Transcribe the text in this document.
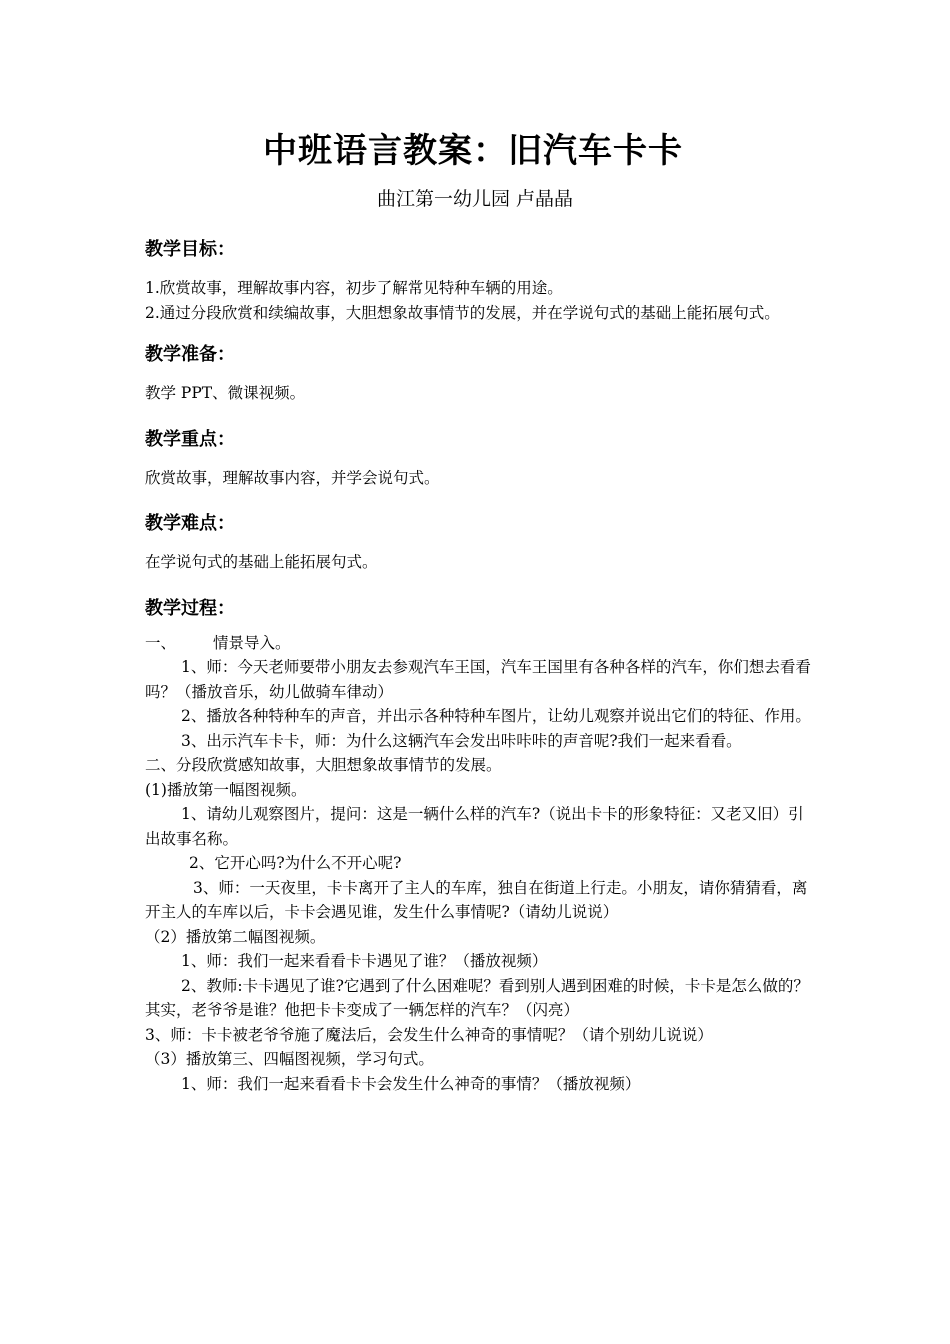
中班语言教案：旧汽车卡卡
曲江第一幼儿园 卢晶晶
教学目标：

1.欣赏故事，理解故事内容，初步了解常见特种车辆的用途。

2.通过分段欣赏和续编故事，大胆想象故事情节的发展，并在学说句式的基础上能拓展句式。

教学准备：

教学 PPT、微课视频。

教学重点：

欣赏故事，理解故事内容，并学会说句式。

教学难点：

在学说句式的基础上能拓展句式。

教学过程：

一、 情景导入。

1、师：今天老师要带小朋友去参观汽车王国，汽车王国里有各种各样的汽车，你们想去看看吗？（播放音乐，幼儿做骑车律动）

2、播放各种特种车的声音，并出示各种特种车图片，让幼儿观察并说出它们的特征、作用。

3、出示汽车卡卡，师：为什么这辆汽车会发出咔咔咔的声音呢?我们一起来看看。

二、分段欣赏感知故事，大胆想象故事情节的发展。

(1)播放第一幅图视频。

1、请幼儿观察图片，提问：这是一辆什么样的汽车?（说出卡卡的形象特征：又老又旧）引出故事名称。

2、它开心吗?为什么不开心呢?

3、师：一天夜里，卡卡离开了主人的车库，独自在街道上行走。小朋友，请你猜猜看，离开主人的车库以后，卡卡会遇见谁，发生什么事情呢?（请幼儿说说）

（2）播放第二幅图视频。

1、师：我们一起来看看卡卡遇见了谁？（播放视频）

2、教师:卡卡遇见了谁?它遇到了什么困难呢？看到别人遇到困难的时候，卡卡是怎么做的？其实，老爷爷是谁？他把卡卡变成了一辆怎样的汽车？（闪亮）

3、师：卡卡被老爷爷施了魔法后，会发生什么神奇的事情呢？（请个别幼儿说说）

（3）播放第三、四幅图视频，学习句式。

1、师：我们一起来看看卡卡会发生什么神奇的事情？（播放视频）
